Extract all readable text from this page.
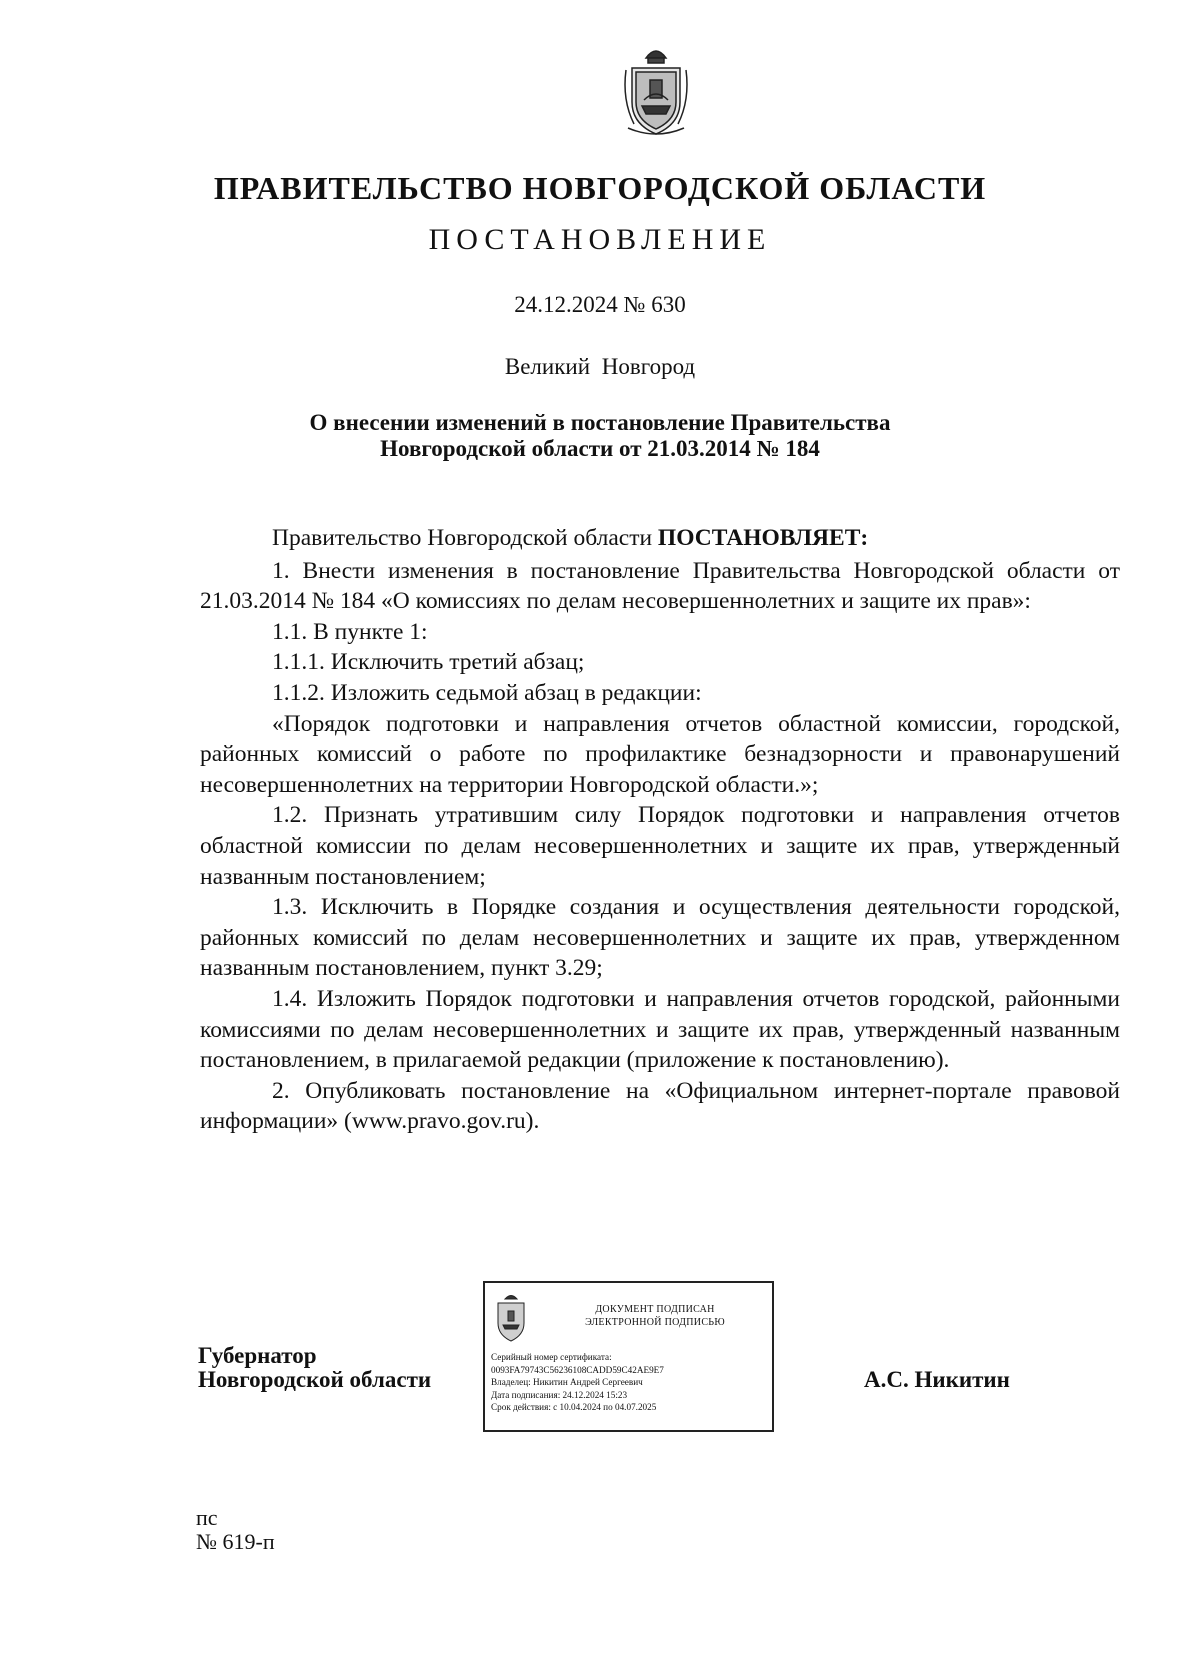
ПРАВИТЕЛЬСТВО НОВГОРОДСКОЙ ОБЛАСТИ
ПОСТАНОВЛЕНИЕ
24.12.2024 № 630
Великий Новгород
О внесении изменений в постановление Правительства
Новгородской области от 21.03.2014 № 184

Правительство Новгородской области ПОСТАНОВЛЯЕТ:

1. Внести изменения в постановление Правительства Новгородской области от 21.03.2014 № 184 «О комиссиях по делам несовершеннолетних и защите их прав»:

1.1. В пункте 1:

1.1.1. Исключить третий абзац;

1.1.2. Изложить седьмой абзац в редакции:

«Порядок подготовки и направления отчетов областной комиссии, городской, районных комиссий о работе по профилактике безнадзорности и правонарушений несовершеннолетних на территории Новгородской области.»;

1.2. Признать утратившим силу Порядок подготовки и направления отчетов областной комиссии по делам несовершеннолетних и защите их прав, утвержденный названным постановлением;

1.3. Исключить в Порядке создания и осуществления деятельности городской, районных комиссий по делам несовершеннолетних и защите их прав, утвержденном названным постановлением, пункт 3.29;

1.4. Изложить Порядок подготовки и направления отчетов городской, районными комиссиями по делам несовершеннолетних и защите их прав, утвержденный названным постановлением, в прилагаемой редакции (приложение к постановлению).

2. Опубликовать постановление на «Официальном интернет-портале правовой информации» (www.pravo.gov.ru).

Губернатор
Новгородской области
ДОКУМЕНТ ПОДПИСАН
ЭЛЕКТРОННОЙ ПОДПИСЬЮ
Серийный номер сертификата:
0093FA79743C56236108CADD59C42AE9E7
Владелец: Никитин Андрей Сергеевич
Дата подписания: 24.12.2024 15:23
Срок действия: с 10.04.2024 по 04.07.2025
А.С. Никитин
пс
№ 619-п
